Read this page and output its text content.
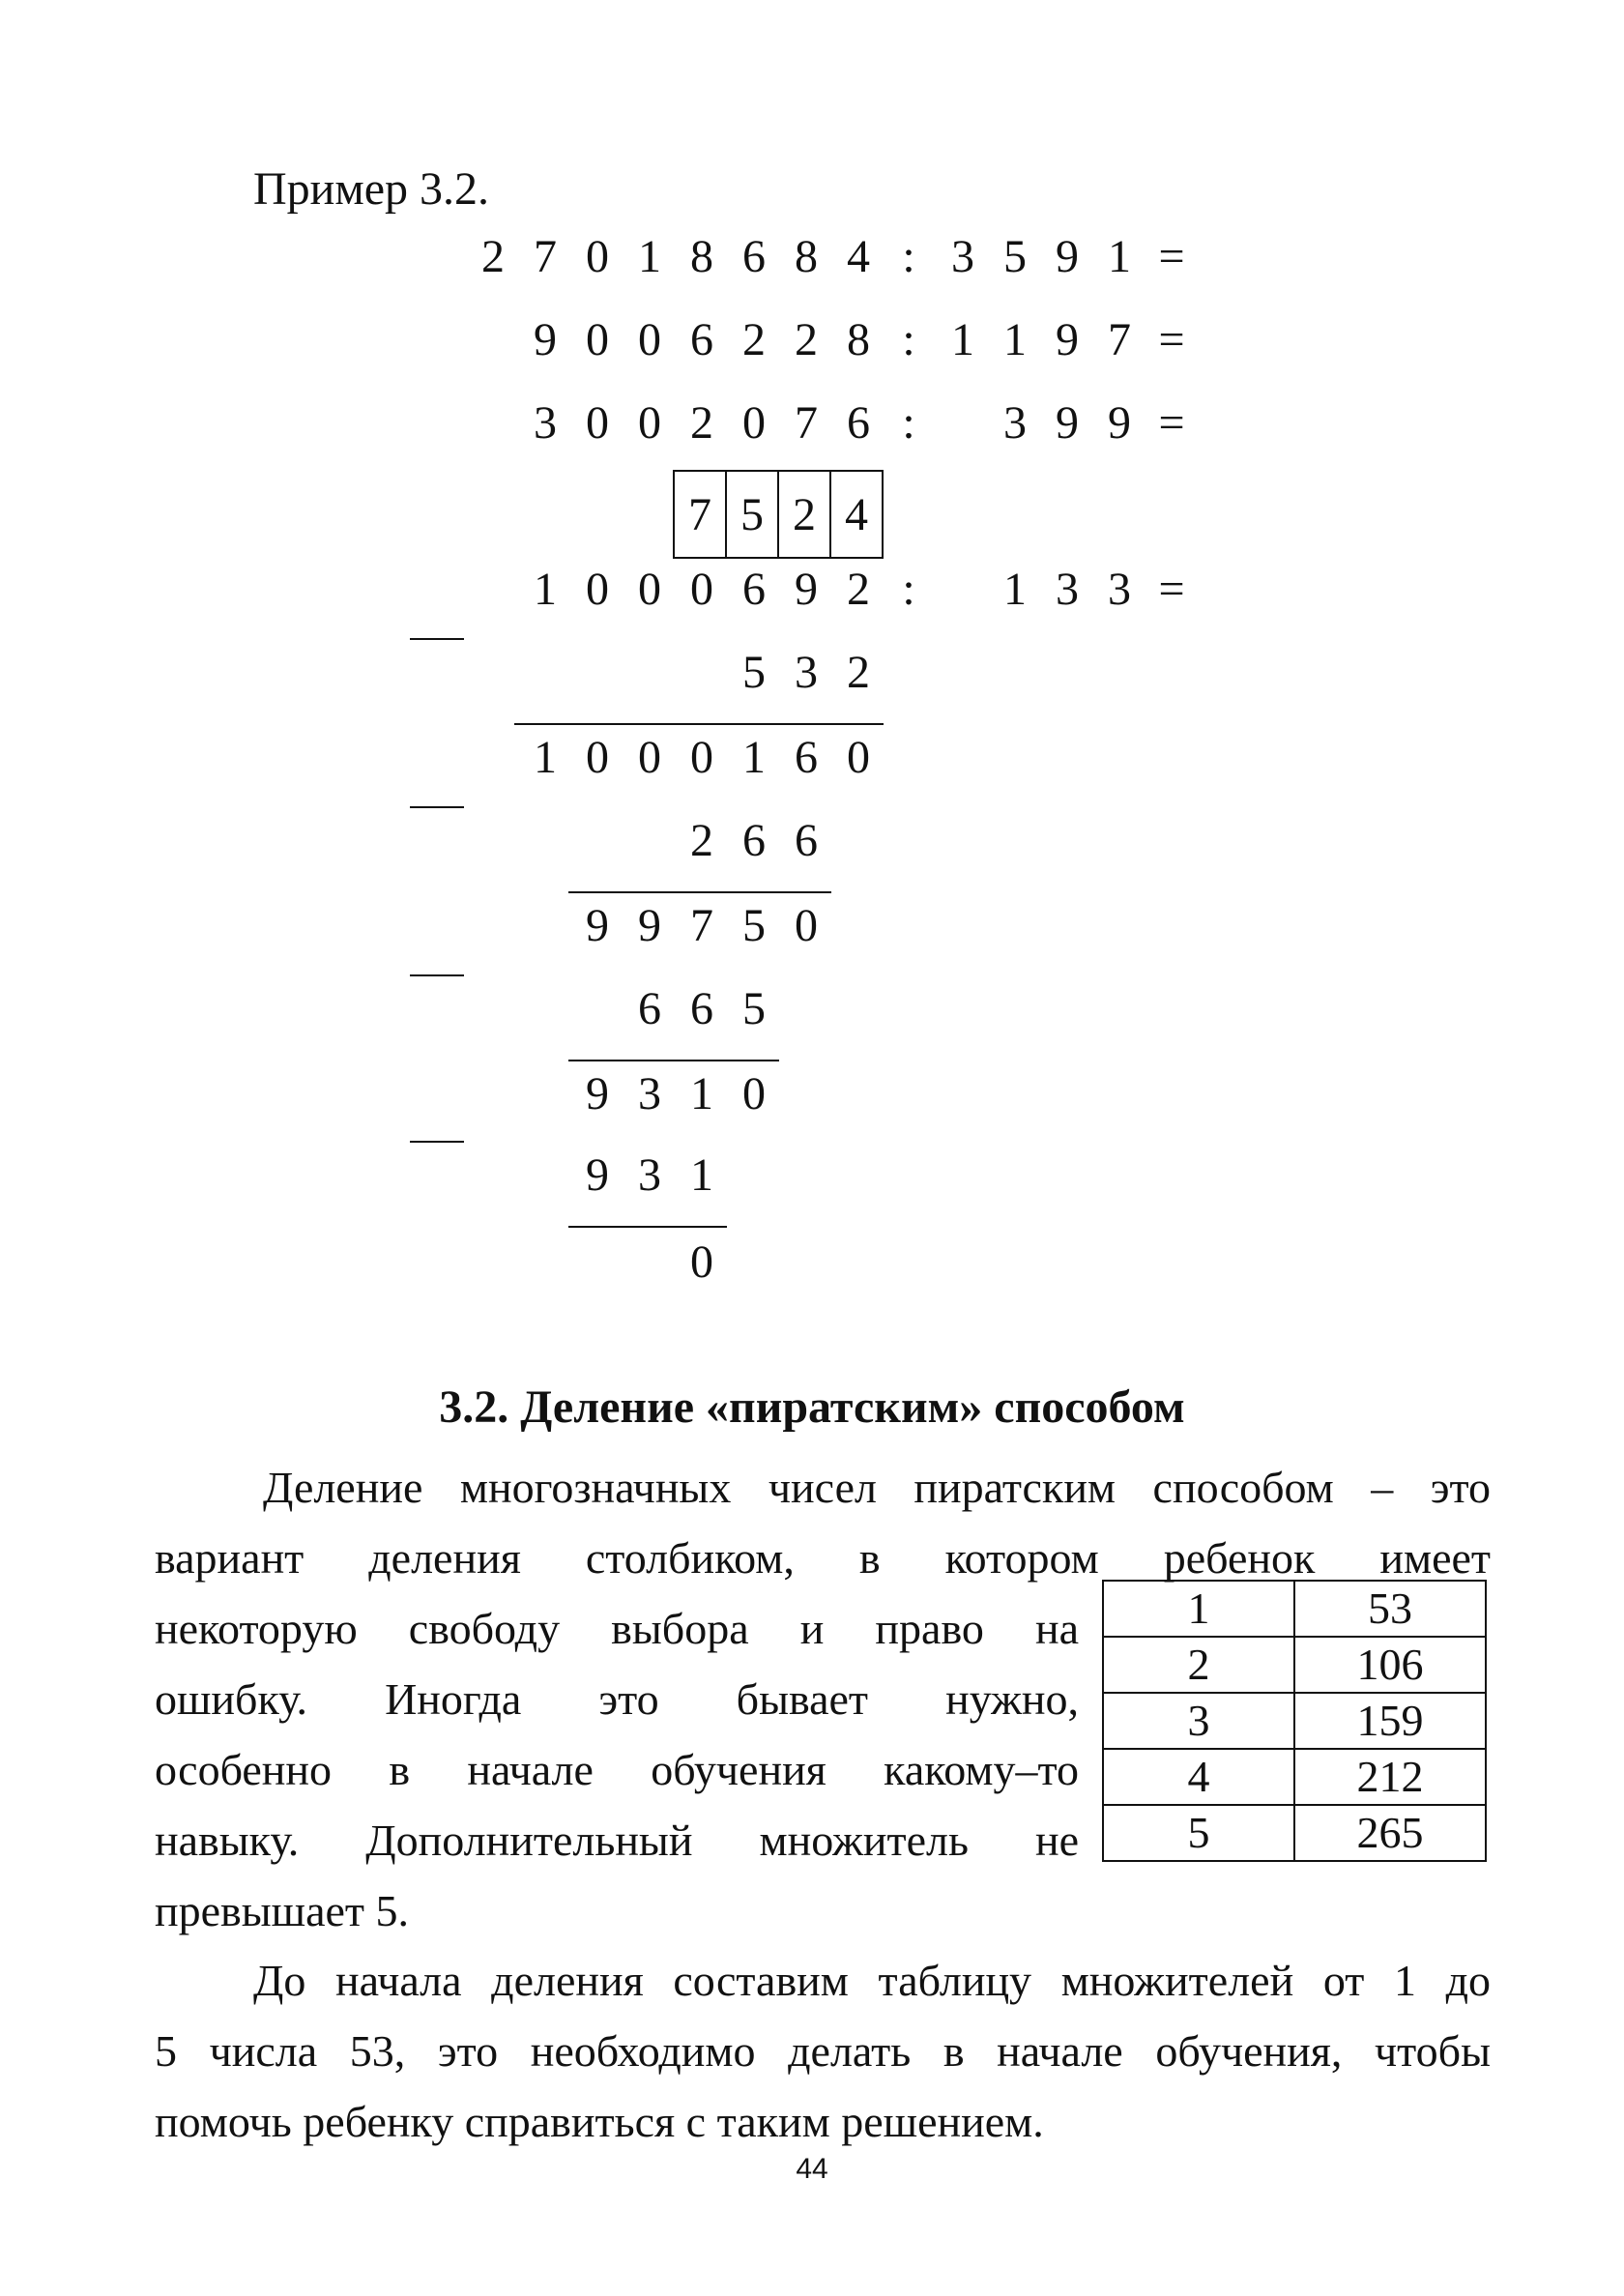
Пример 3.2.
2 7 0 1 8 6 8 4 : 3 5 9 1 =
9 0 0 6 2 2 8 : 1 1 9 7 =
3 0 0 2 0 7 6 : 3 9 9 =
1 0 0 0 6 9 2 : 1 3 3 =
7 5 2 4
5 3 2
1 0 0 0 1 6 0
2 6 6
9 9 7 5 0
6 6 5
9 3 1 0
9 3 1
0
3.2. Деление «пиратским» способом
Деление многозначных чисел пиратским способом – это
вариант деления столбиком, в котором ребенок имеет
некоторую свободу выбора и право на
ошибку. Иногда это бывает нужно,
особенно в начале обучения какому–то
навыку. Дополнительный множитель не
превышает 5.
1	53
2	106
3	159
4	212
5	265
До начала деления составим таблицу множителей от 1 до
5 числа 53, это необходимо делать в начале обучения, чтобы
помочь ребенку справиться с таким решением.
44
